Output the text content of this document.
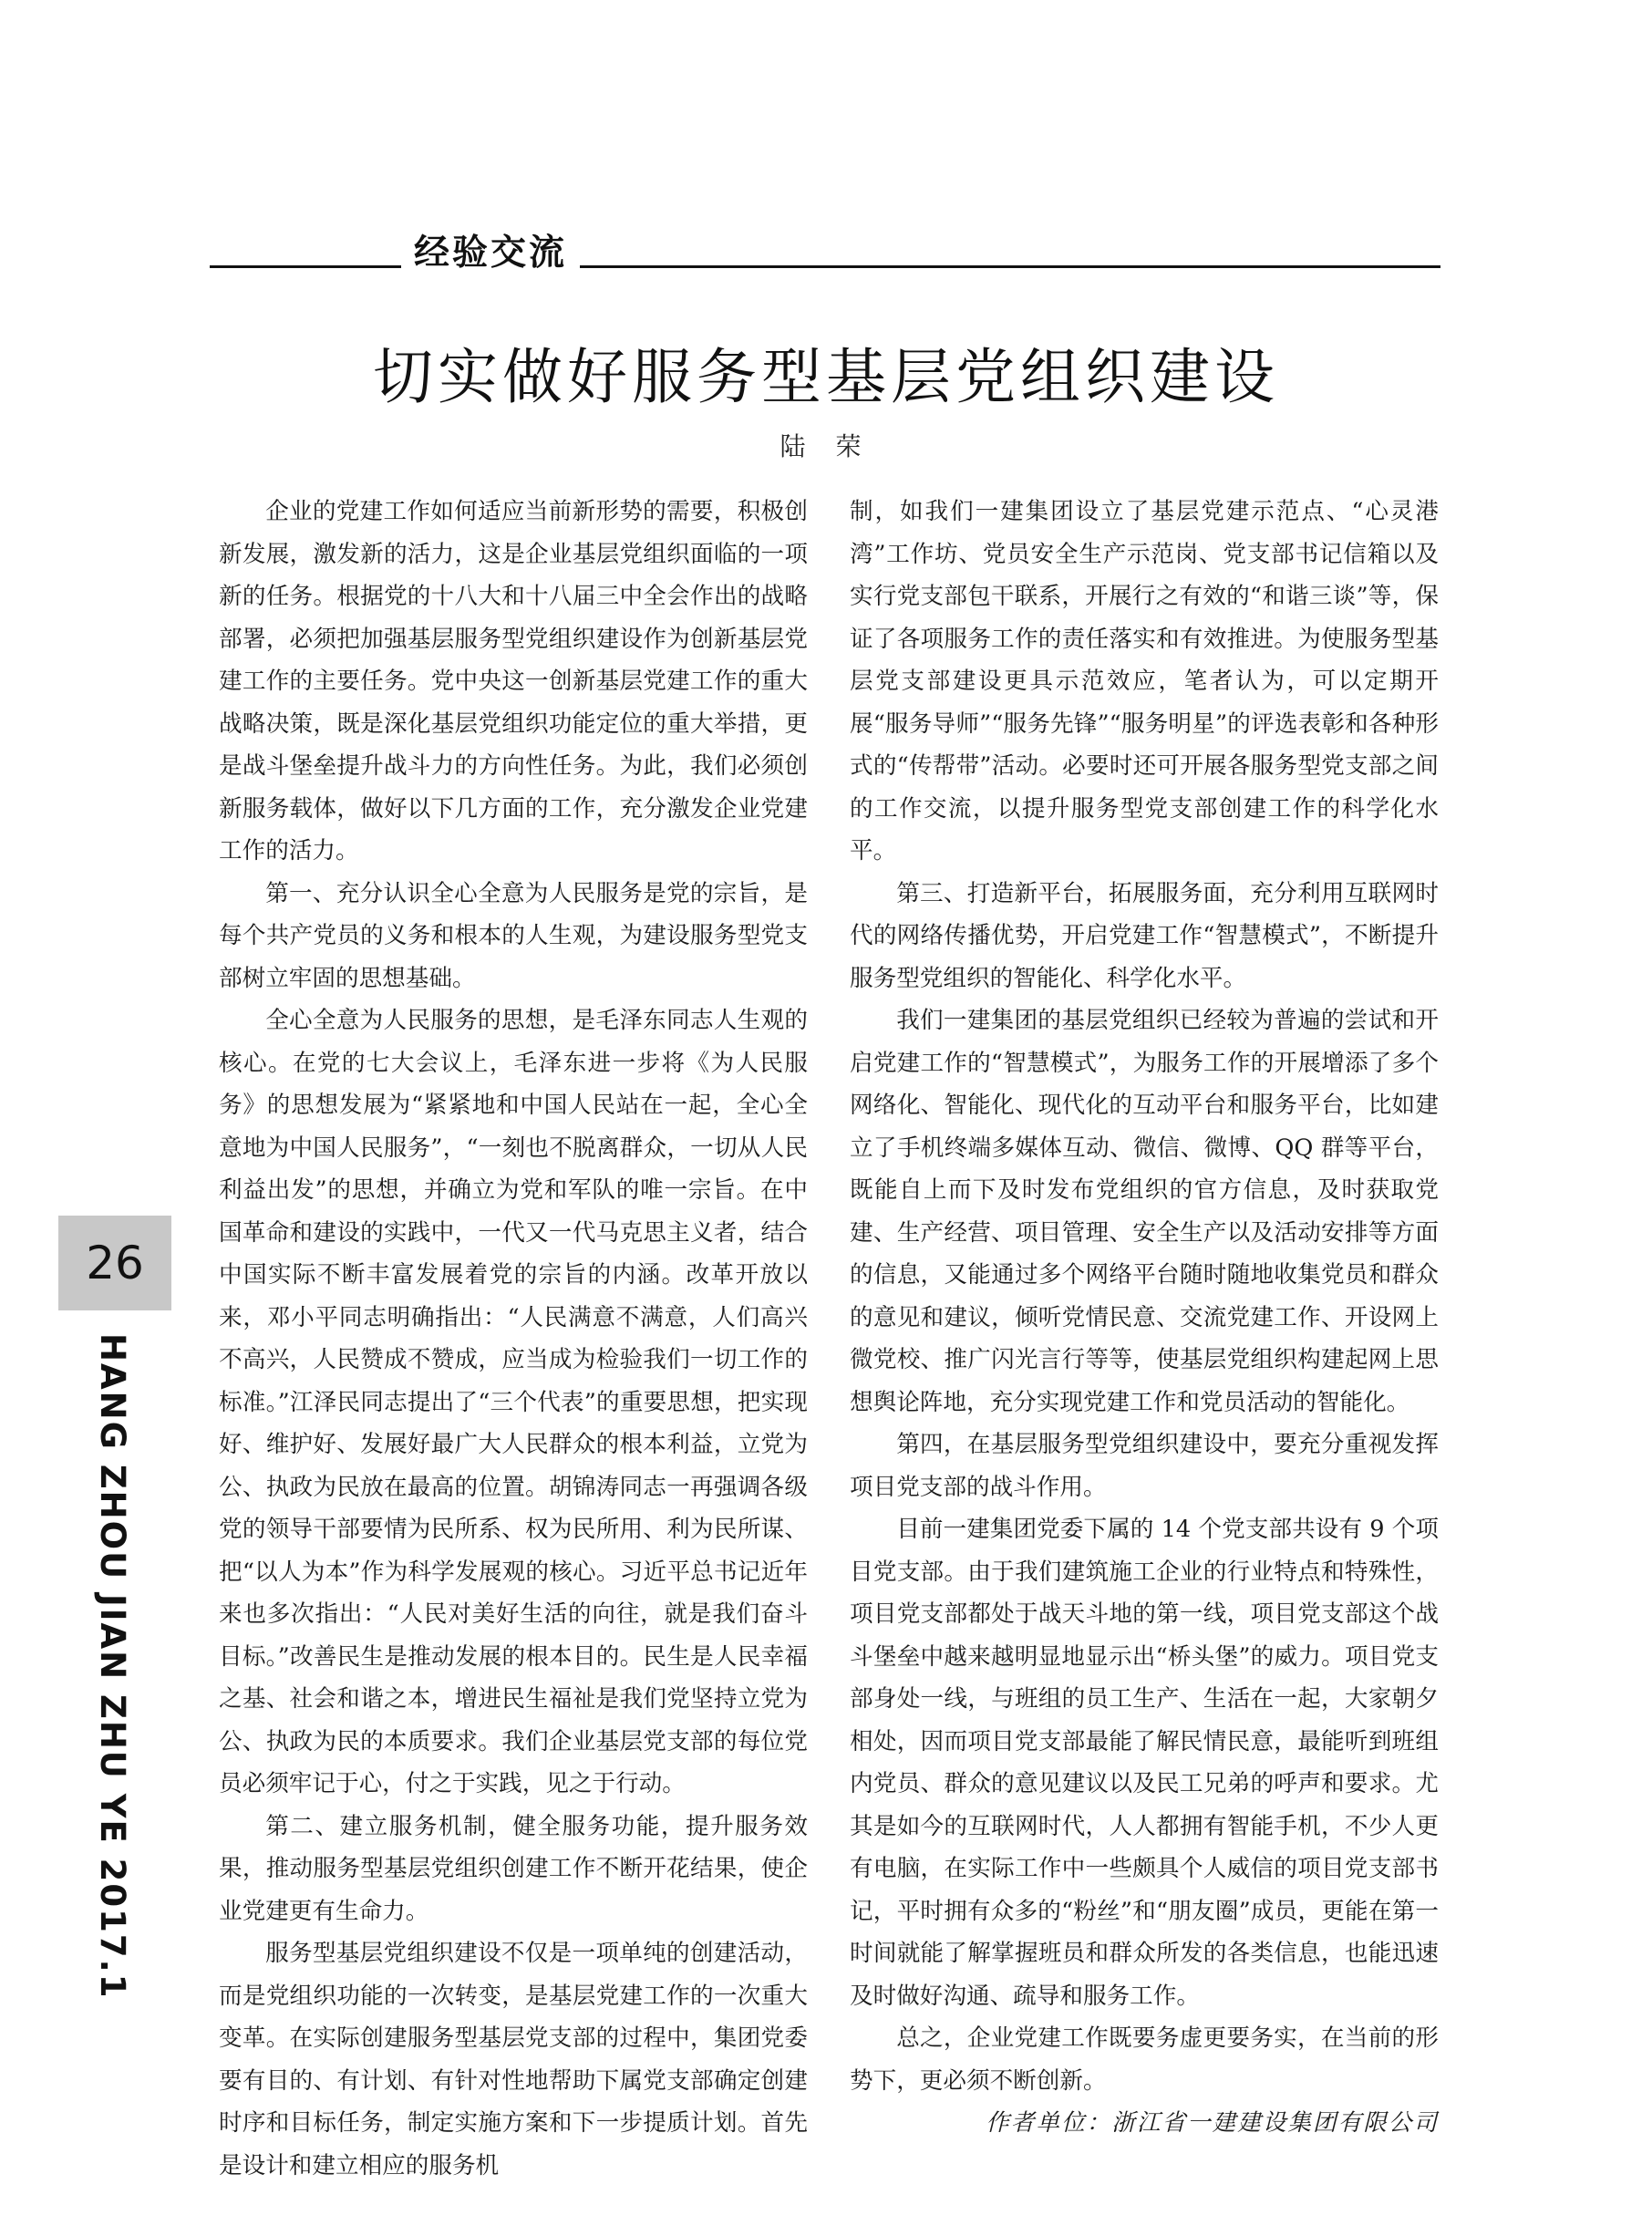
经验交流
切实做好服务型基层党组织建设
陆 荣

企业的党建工作如何适应当前新形势的需要，积极创新发展，激发新的活力，这是企业基层党组织面临的一项新的任务。根据党的十八大和十八届三中全会作出的战略部署，必须把加强基层服务型党组织建设作为创新基层党建工作的主要任务。党中央这一创新基层党建工作的重大战略决策，既是深化基层党组织功能定位的重大举措，更是战斗堡垒提升战斗力的方向性任务。为此，我们必须创新服务载体，做好以下几方面的工作，充分激发企业党建工作的活力。

第一、充分认识全心全意为人民服务是党的宗旨，是每个共产党员的义务和根本的人生观，为建设服务型党支部树立牢固的思想基础。

全心全意为人民服务的思想，是毛泽东同志人生观的核心。在党的七大会议上，毛泽东进一步将《为人民服务》的思想发展为“紧紧地和中国人民站在一起，全心全意地为中国人民服务”，“一刻也不脱离群众，一切从人民利益出发”的思想，并确立为党和军队的唯一宗旨。在中国革命和建设的实践中，一代又一代马克思主义者，结合中国实际不断丰富发展着党的宗旨的内涵。改革开放以来，邓小平同志明确指出：“人民满意不满意，人们高兴不高兴，人民赞成不赞成，应当成为检验我们一切工作的标准。”江泽民同志提出了“三个代表”的重要思想，把实现好、维护好、发展好最广大人民群众的根本利益，立党为公、执政为民放在最高的位置。胡锦涛同志一再强调各级党的领导干部要情为民所系、权为民所用、利为民所谋、把“以人为本”作为科学发展观的核心。习近平总书记近年来也多次指出：“人民对美好生活的向往，就是我们奋斗目标。”改善民生是推动发展的根本目的。民生是人民幸福之基、社会和谐之本，增进民生福祉是我们党坚持立党为公、执政为民的本质要求。我们企业基层党支部的每位党员必须牢记于心，付之于实践，见之于行动。

第二、建立服务机制，健全服务功能，提升服务效果，推动服务型基层党组织创建工作不断开花结果，使企业党建更有生命力。

服务型基层党组织建设不仅是一项单纯的创建活动，而是党组织功能的一次转变，是基层党建工作的一次重大变革。在实际创建服务型基层党支部的过程中，集团党委要有目的、有计划、有针对性地帮助下属党支部确定创建时序和目标任务，制定实施方案和下一步提质计划。首先是设计和建立相应的服务机

制，如我们一建集团设立了基层党建示范点、“心灵港湾”工作坊、党员安全生产示范岗、党支部书记信箱以及实行党支部包干联系，开展行之有效的“和谐三谈”等，保证了各项服务工作的责任落实和有效推进。为使服务型基层党支部建设更具示范效应，笔者认为，可以定期开展“服务导师”“服务先锋”“服务明星”的评选表彰和各种形式的“传帮带”活动。必要时还可开展各服务型党支部之间的工作交流，以提升服务型党支部创建工作的科学化水平。

第三、打造新平台，拓展服务面，充分利用互联网时代的网络传播优势，开启党建工作“智慧模式”，不断提升服务型党组织的智能化、科学化水平。

我们一建集团的基层党组织已经较为普遍的尝试和开启党建工作的“智慧模式”，为服务工作的开展增添了多个网络化、智能化、现代化的互动平台和服务平台，比如建立了手机终端多媒体互动、微信、微博、QQ 群等平台，既能自上而下及时发布党组织的官方信息，及时获取党建、生产经营、项目管理、安全生产以及活动安排等方面的信息，又能通过多个网络平台随时随地收集党员和群众的意见和建议，倾听党情民意、交流党建工作、开设网上微党校、推广闪光言行等等，使基层党组织构建起网上思想舆论阵地，充分实现党建工作和党员活动的智能化。

第四，在基层服务型党组织建设中，要充分重视发挥项目党支部的战斗作用。

目前一建集团党委下属的 14 个党支部共设有 9 个项目党支部。由于我们建筑施工企业的行业特点和特殊性，项目党支部都处于战天斗地的第一线，项目党支部这个战斗堡垒中越来越明显地显示出“桥头堡”的威力。项目党支部身处一线，与班组的员工生产、生活在一起，大家朝夕相处，因而项目党支部最能了解民情民意，最能听到班组内党员、群众的意见建议以及民工兄弟的呼声和要求。尤其是如今的互联网时代，人人都拥有智能手机，不少人更有电脑，在实际工作中一些颇具个人威信的项目党支部书记，平时拥有众多的“粉丝”和“朋友圈”成员，更能在第一时间就能了解掌握班员和群众所发的各类信息，也能迅速及时做好沟通、疏导和服务工作。

总之，企业党建工作既要务虚更要务实，在当前的形势下，更必须不断创新。

作者单位：浙江省一建建设集团有限公司

26
HANG ZHOU JIAN ZHU YE 2017.1
